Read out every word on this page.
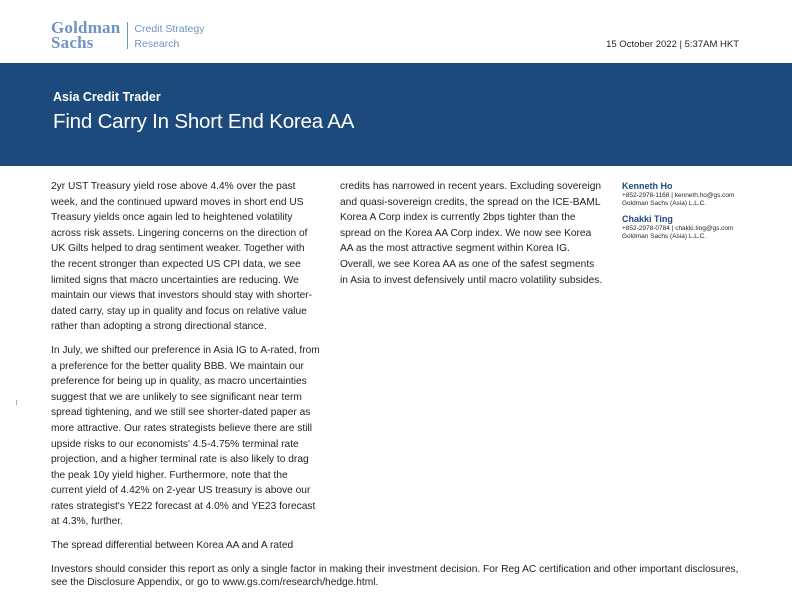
Goldman
Sachs
Credit Strategy
Research	15 October 2022 | 5:37AM HKT
Asia Credit Trader
Find Carry In Short End Korea AA

2yr UST Treasury yield rose above 4.4% over the past week, and the continued upward moves in short end US Treasury yields once again led to heightened volatility across risk assets. Lingering concerns on the direction of UK Gilts helped to drag sentiment weaker. Together with the recent stronger than expected US CPI data, we see limited signs that macro uncertainties are reducing. We maintain our views that investors should stay with shorter-dated carry, stay up in quality and focus on relative value rather than adopting a strong directional stance.

In July, we shifted our preference in Asia IG to A-rated, from a preference for the better quality BBB. We maintain our preference for being up in quality, as macro uncertainties suggest that we are unlikely to see significant near term spread tightening, and we still see shorter-dated paper as more attractive. Our rates strategists believe there are still upside risks to our economists' 4.5-4.75% terminal rate projection, and a higher terminal rate is also likely to drag the peak 10y yield higher. Furthermore, note that the current yield of 4.42% on 2-year US treasury is above our rates strategist's YE22 forecast at 4.0% and YE23 forecast at 4.3%, further.

The spread differential between Korea AA and A rated

credits has narrowed in recent years. Excluding sovereign and quasi-sovereign credits, the spread on the ICE-BAML Korea A Corp index is currently 2bps tighter than the spread on the Korea AA Corp index. We now see Korea AA as the most attractive segment within Korea IG. Overall, we see Korea AA as one of the safest segments in Asia to invest defensively until macro volatility subsides.

Kenneth Ho
+852-2978-1168 | kenneth.ho@gs.com
Goldman Sachs (Asia) L.L.C.
Chakki Ting
+852-2978-0784 | chakki.ting@gs.com
Goldman Sachs (Asia) L.L.C.
Investors should consider this report as only a single factor in making their investment decision. For Reg AC certification and other important disclosures, see the Disclosure Appendix, or go to www.gs.com/research/hedge.html.
